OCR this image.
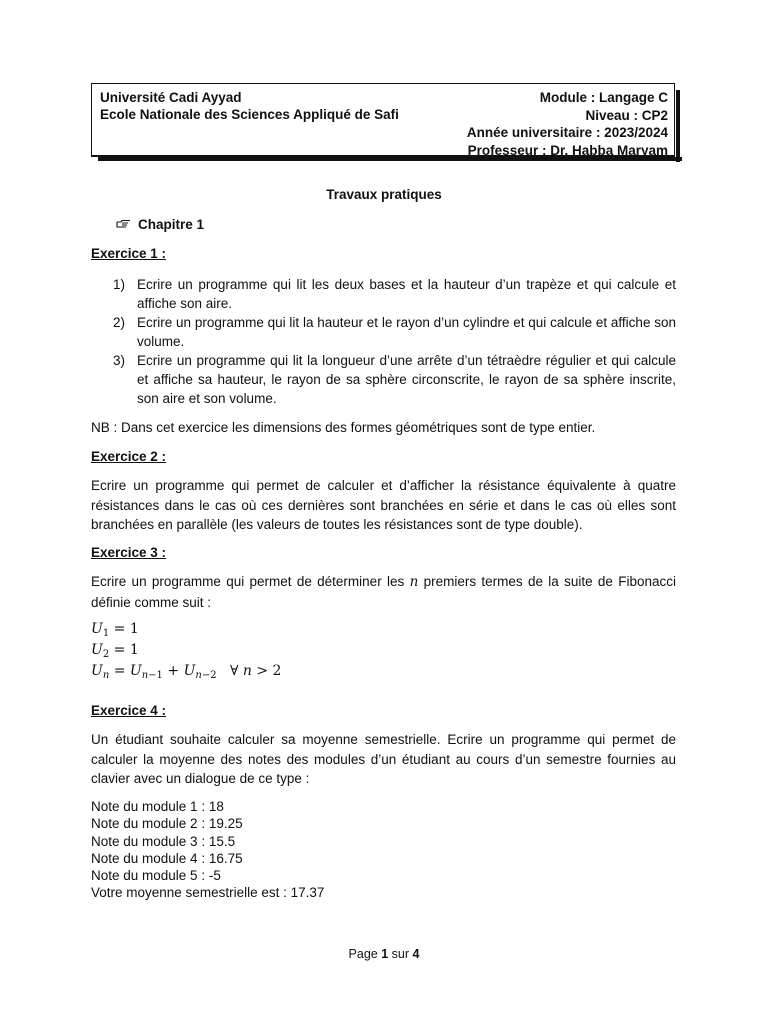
Université Cadi Ayyad
Ecole Nationale des Sciences Appliqué de Safi
Module : Langage C
Niveau : CP2
Année universitaire : 2023/2024
Professeur : Dr. Habba Maryam
Travaux pratiques
Chapitre 1
Exercice 1 :
1) Ecrire un programme qui lit les deux bases et la hauteur d’un trapèze et qui calcule et affiche son aire.
2) Ecrire un programme qui lit la hauteur et le rayon d’un cylindre et qui calcule et affiche son volume.
3) Ecrire un programme qui lit la longueur d’une arrête d’un tétraèdre régulier et qui calcule et affiche sa hauteur, le rayon de sa sphère circonscrite, le rayon de sa sphère inscrite, son aire et son volume.
NB : Dans cet exercice les dimensions des formes géométriques sont de type entier.
Exercice 2 :
Ecrire un programme qui permet de calculer et d’afficher la résistance équivalente à quatre résistances dans le cas où ces dernières sont branchées en série et dans le cas où elles sont branchées en parallèle (les valeurs de toutes les résistances sont de type double).
Exercice 3 :
Ecrire un programme qui permet de déterminer les n premiers termes de la suite de Fibonacci définie comme suit :
$U_1 = 1$
$U_2 = 1$
$U_n = U_{n-1} + U_{n-2}$ ∀ n > 2
Exercice 4 :
Un étudiant souhaite calculer sa moyenne semestrielle. Ecrire un programme qui permet de calculer la moyenne des notes des modules d’un étudiant au cours d’un semestre fournies au clavier avec un dialogue de ce type :
Note du module 1 : 18
Note du module 2 : 19.25
Note du module 3 : 15.5
Note du module 4 : 16.75
Note du module 5 : -5
Votre moyenne semestrielle est : 17.37
Page 1 sur 4
